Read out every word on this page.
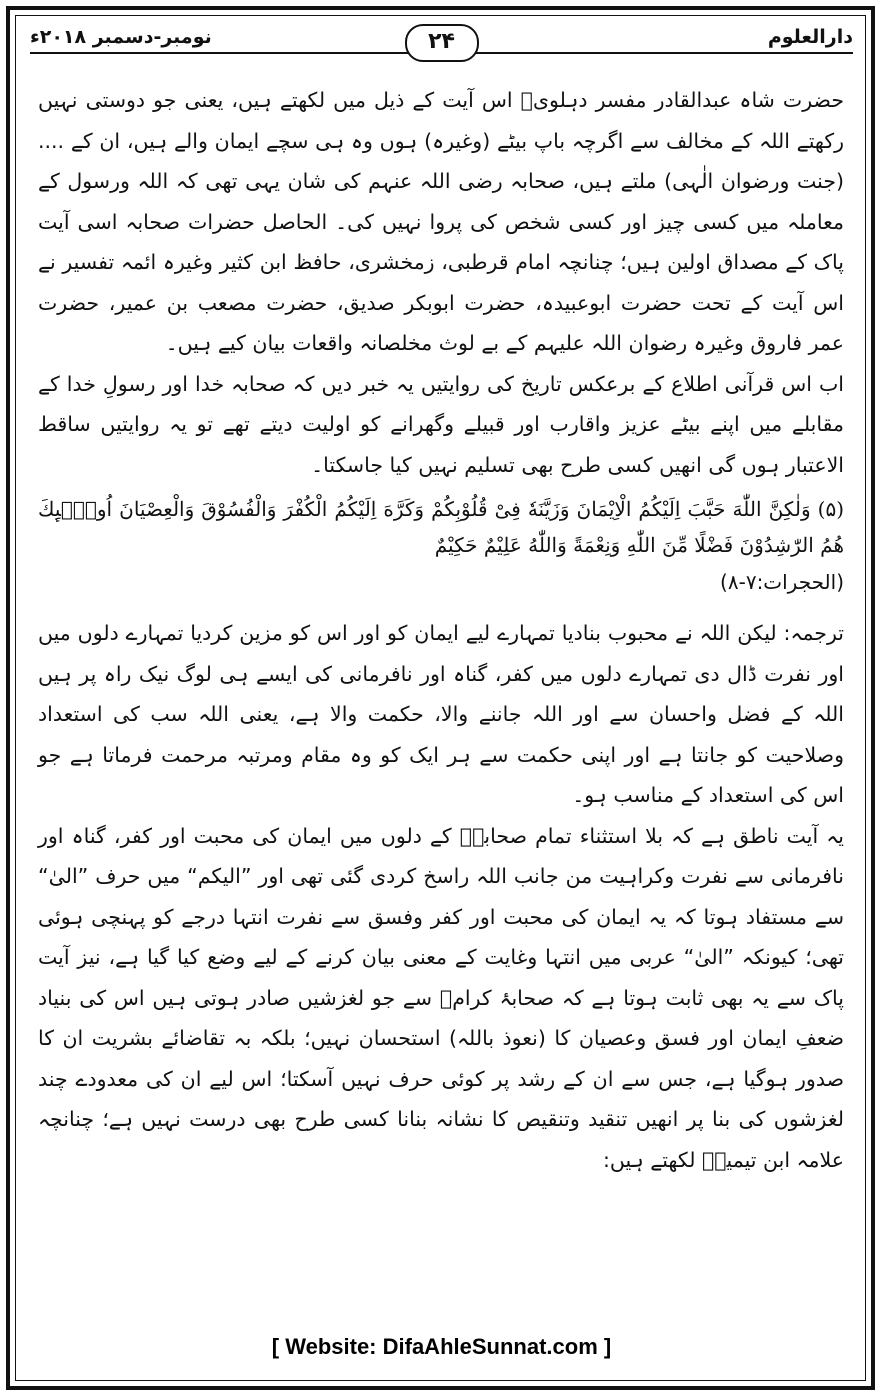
نومبر-دسمبر ۲۰۱۸ء	دارالعلوم
۲۴

حضرت شاہ عبدالقادر مفسر دہلویؒ اس آیت کے ذیل میں لکھتے ہیں، یعنی جو دوستی نہیں رکھتے اللہ کے مخالف سے اگرچہ باپ بیٹے (وغیرہ) ہوں وہ ہی سچے ایمان والے ہیں، ان کے .... (جنت ورضوان الٰہی) ملتے ہیں، صحابہ رضی اللہ عنہم کی شان یہی تھی کہ اللہ ورسول کے معاملہ میں کسی چیز اور کسی شخص کی پروا نہیں کی۔ الحاصل حضرات صحابہ اسی آیت پاک کے مصداق اولین ہیں؛ چنانچہ امام قرطبی، زمخشری، حافظ ابن کثیر وغیرہ ائمہ تفسیر نے اس آیت کے تحت حضرت ابوعبیدہ، حضرت ابوبکر صدیق، حضرت مصعب بن عمیر، حضرت عمر فاروق وغیرہ رضوان اللہ علیہم کے بے لوث مخلصانہ واقعات بیان کیے ہیں۔

اب اس قرآنی اطلاع کے برعکس تاریخ کی روایتیں یہ خبر دیں کہ صحابہ خدا اور رسولِ خدا کے مقابلے میں اپنے بیٹے عزیز واقارب اور قبیلے وگھرانے کو اولیت دیتے تھے تو یہ روایتیں ساقط الاعتبار ہوں گی انھیں کسی طرح بھی تسلیم نہیں کیا جاسکتا۔

(۵) وَلٰكِنَّ اللّٰهَ حَبَّبَ اِلَيْكُمُ الْاِيْمَانَ وَزَيَّنَهٗ فِىْ قُلُوْبِكُمْ وَكَرَّهَ اِلَيْكُمُ الْكُفْرَ وَالْفُسُوْقَ وَالْعِصْيَانَ اُولٰۗىِٕكَ هُمُ الرّٰشِدُوْنَ فَضْلًا مِّنَ اللّٰهِ وَنِعْمَةً وَاللّٰهُ عَلِيْمٌ حَكِيْمٌ

(الحجرات:۷-۸)

ترجمہ: لیکن اللہ نے محبوب بنادیا تمہارے لیے ایمان کو اور اس کو مزین کردیا تمہارے دلوں میں اور نفرت ڈال دی تمہارے دلوں میں کفر، گناہ اور نافرمانی کی ایسے ہی لوگ نیک راہ پر ہیں اللہ کے فضل واحسان سے اور اللہ جاننے والا، حکمت والا ہے، یعنی اللہ سب کی استعداد وصلاحیت کو جانتا ہے اور اپنی حکمت سے ہر ایک کو وہ مقام ومرتبہ مرحمت فرماتا ہے جو اس کی استعداد کے مناسب ہو۔

یہ آیت ناطق ہے کہ بلا استثناء تمام صحابہؓ کے دلوں میں ایمان کی محبت اور کفر، گناہ اور نافرمانی سے نفرت وکراہیت من جانب اللہ راسخ کردی گئی تھی اور ”الیکم“ میں حرف ”الیٰ“ سے مستفاد ہوتا کہ یہ ایمان کی محبت اور کفر وفسق سے نفرت انتہا درجے کو پہنچی ہوئی تھی؛ کیونکہ ”الیٰ“ عربی میں انتہا وغایت کے معنی بیان کرنے کے لیے وضع کیا گیا ہے، نیز آیت پاک سے یہ بھی ثابت ہوتا ہے کہ صحابۂ کرامؓ سے جو لغزشیں صادر ہوتی ہیں اس کی بنیاد ضعفِ ایمان اور فسق وعصیان کا (نعوذ باللہ) استحسان نہیں؛ بلکہ بہ تقاضائے بشریت ان کا صدور ہوگیا ہے، جس سے ان کے رشد پر کوئی حرف نہیں آسکتا؛ اس لیے ان کی معدودے چند لغزشوں کی بنا پر انھیں تنقید وتنقیص کا نشانہ بنانا کسی طرح بھی درست نہیں ہے؛ چنانچہ علامہ ابن تیمیہؒ لکھتے ہیں:

[ Website: DifaAhleSunnat.com ]
